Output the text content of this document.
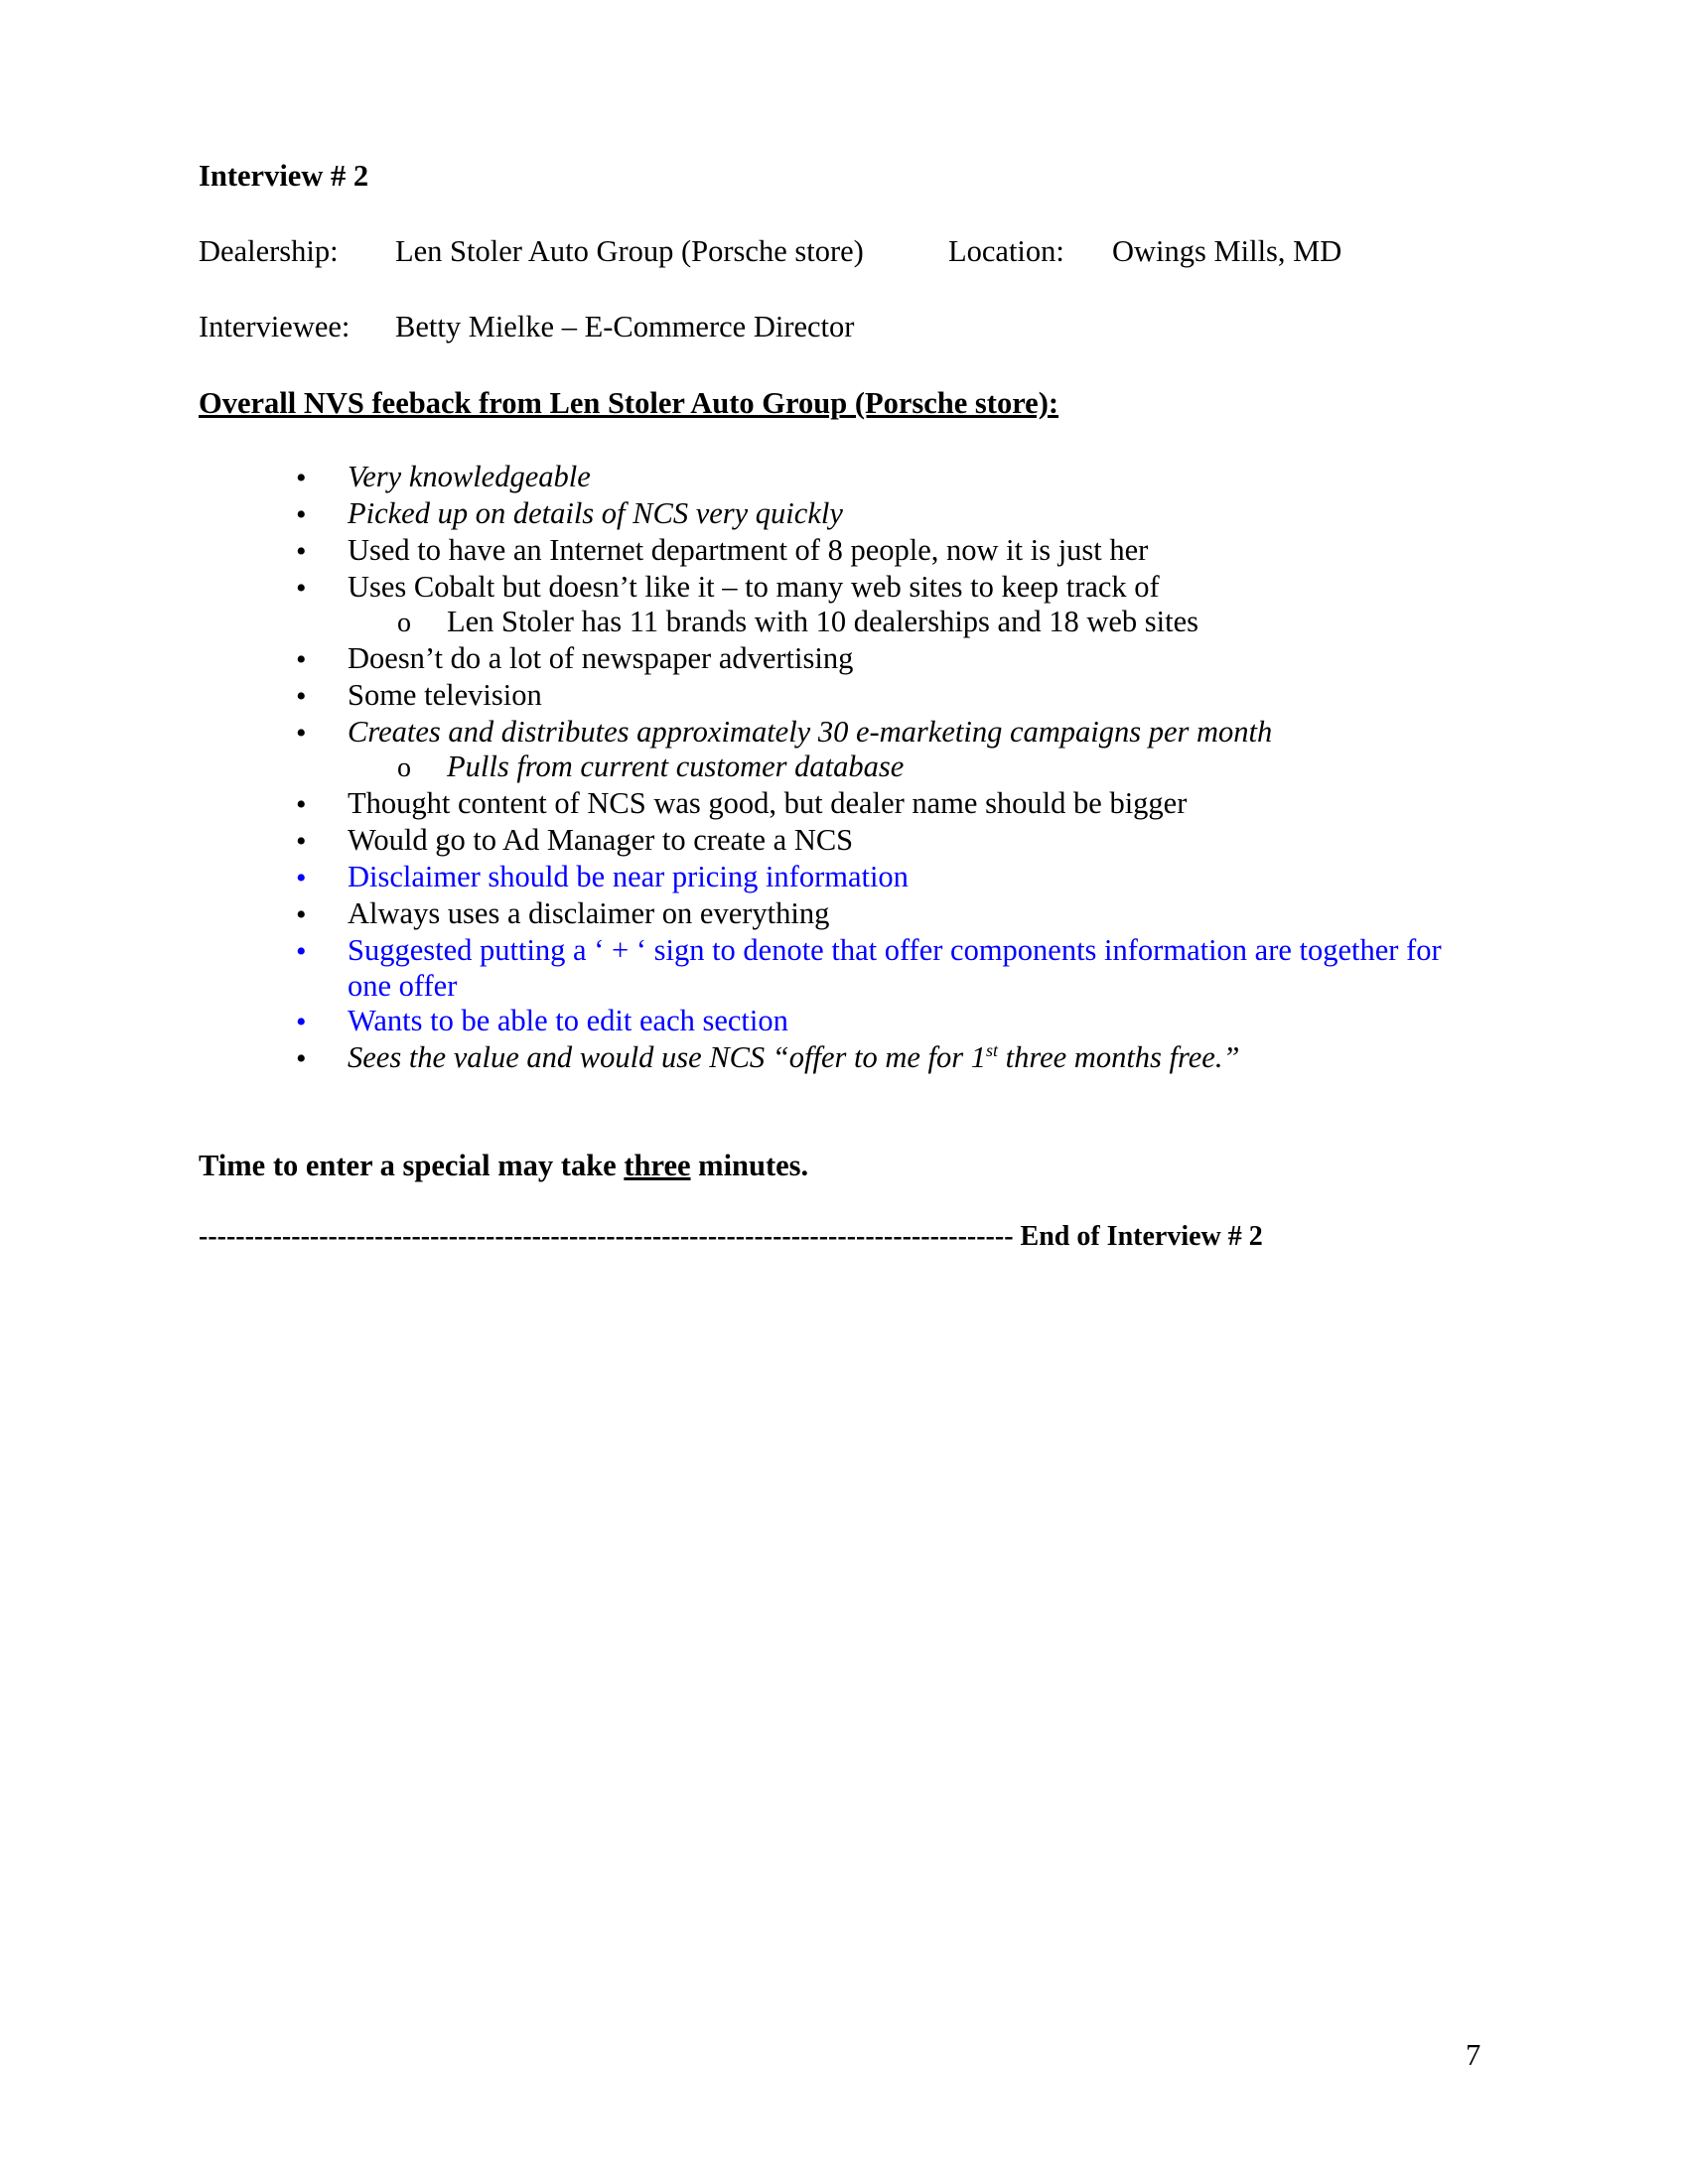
Interview # 2
Dealership: Len Stoler Auto Group (Porsche store)	Location: Owings Mills, MD
Interviewee: Betty Mielke – E-Commerce Director
Overall NVS feeback from Len Stoler Auto Group (Porsche store):
• Very knowledgeable
• Picked up on details of NCS very quickly
• Used to have an Internet department of 8 people, now it is just her
• Uses Cobalt but doesn’t like it – to many web sites to keep track of
o Len Stoler has 11 brands with 10 dealerships and 18 web sites
• Doesn’t do a lot of newspaper advertising
• Some television
• Creates and distributes approximately 30 e-marketing campaigns per month
o Pulls from current customer database
• Thought content of NCS was good, but dealer name should be bigger
• Would go to Ad Manager to create a NCS
• Disclaimer should be near pricing information
• Always uses a disclaimer on everything
• Suggested putting a ‘ + ‘ sign to denote that offer components information are together for
one offer
• Wants to be able to edit each section
• Sees the value and would use NCS “offer to me for 1st three months free.”
Time to enter a special may take three minutes.
---------------------------------------------------------------------------------------- End of Interview # 2
7
